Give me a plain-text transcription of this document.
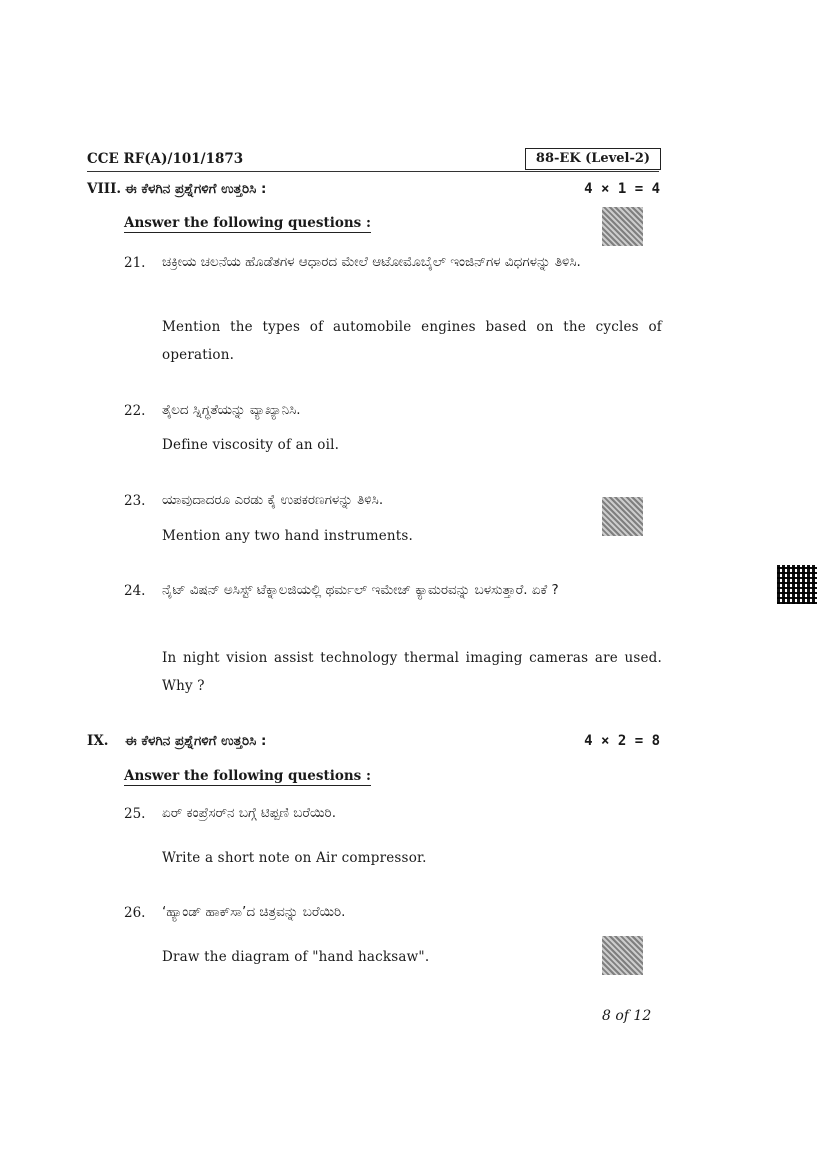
CCE RF(A)/101/1873	88-EK (Level-2)
VIII. ಈ ಕೆಳಗಿನ ಪ್ರಶ್ನೆಗಳಿಗೆ ಉತ್ತರಿಸಿ :	4 × 1 = 4
Answer the following questions :
21. ಚಕ್ರೀಯ ಚಲನೆಯ ಹೊಡೆತಗಳ ಆಧಾರದ ಮೇಲೆ ಆಟೋಮೊಬೈಲ್ ಇಂಜಿನ್‌ಗಳ ವಿಧಗಳನ್ನು ತಿಳಿಸಿ.
Mention the types of automobile engines based on the cycles of operation.
22. ತೈಲದ ಸ್ನಿಗ್ಧತೆಯನ್ನು ವ್ಯಾಖ್ಯಾನಿಸಿ.
Define viscosity of an oil.
23. ಯಾವುದಾದರೂ ಎರಡು ಕೈ ಉಪಕರಣಗಳನ್ನು ತಿಳಿಸಿ.
Mention any two hand instruments.
24. ನೈಟ್ ವಿಷನ್ ಅಸಿಸ್ಟ್ ಟೆಕ್ನಾಲಜಿಯಲ್ಲಿ ಥರ್ಮಲ್ ಇಮೇಜ್ ಕ್ಯಾಮರವನ್ನು ಬಳಸುತ್ತಾರೆ. ಏಕೆ ?
In night vision assist technology thermal imaging cameras are used. Why ?
IX. ಈ ಕೆಳಗಿನ ಪ್ರಶ್ನೆಗಳಿಗೆ ಉತ್ತರಿಸಿ :	4 × 2 = 8
Answer the following questions :
25. ಏರ್ ಕಂಪ್ರೆಸರ್‌ನ ಬಗ್ಗೆ ಟಿಪ್ಪಣಿ ಬರೆಯಿರಿ.
Write a short note on Air compressor.
26. ‘ಹ್ಯಾಂಡ್ ಹಾಕ್‌ಸಾ’ದ ಚಿತ್ರವನ್ನು ಬರೆಯಿರಿ.
Draw the diagram of "hand hacksaw".
8 of 12
